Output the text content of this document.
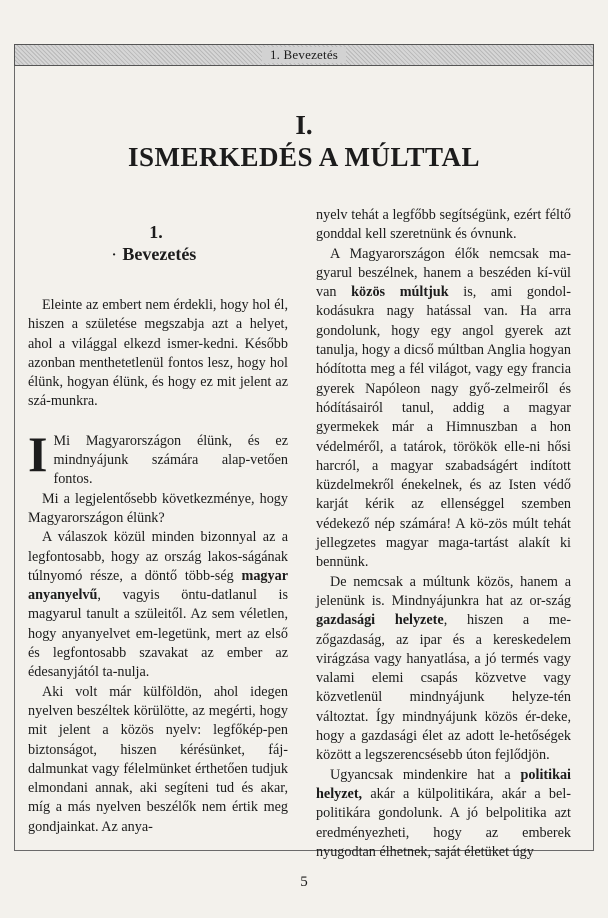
1. Bevezetés
I.
ISMERKEDÉS A MÚLTTAL
1.
· Bevezetés

Eleinte az embert nem érdekli, hogy hol él, hiszen a születése megszabja azt a helyet, ahol a világgal elkezd ismer-kedni. Később azonban menthetetlenül fontos lesz, hogy hol élünk, hogyan élünk, és hogy ez mit jelent az szá-munkra.

I Mi Magyarországon élünk, és ez mindnyájunk számára alap-vetően fontos.

Mi a legjelentősebb következménye, hogy Magyarországon élünk?

A válaszok közül minden bizonnyal az a legfontosabb, hogy az ország lakos-ságának túlnyomó része, a döntő több-ség magyar anyanyelvű, vagyis öntu-datlanul is magyarul tanult a szüleitől. Az sem véletlen, hogy anyanyelvet em-legetünk, mert az első és legfontosabb szavakat az ember az édesanyjától ta-nulja.

Aki volt már külföldön, ahol idegen nyelven beszéltek körülötte, az megérti, hogy mit jelent a közös nyelv: legfőkép-pen biztonságot, hiszen kérésünket, fáj-dalmunkat vagy félelmünket érthetően tudjuk elmondani annak, aki segíteni tud és akar, míg a más nyelven beszélők nem értik meg gondjainkat. Az anya-

nyelv tehát a legfőbb segítségünk, ezért féltő gonddal kell szeretnünk és óvnunk.

A Magyarországon élők nemcsak ma-gyarul beszélnek, hanem a beszéden kí-vül van közös múltjuk is, ami gondol-kodásukra nagy hatással van. Ha arra gondolunk, hogy egy angol gyerek azt tanulja, hogy a dicső múltban Anglia hogyan hódította meg a fél világot, vagy egy francia gyerek Napóleon nagy győ-zelmeiről és hódításairól tanul, addig a magyar gyermekek már a Himnuszban a hon védelméről, a tatárok, törökök elle-ni hősi harcról, a magyar szabadságért indított küzdelmekről énekelnek, és az Isten védő karját kérik az ellenséggel szemben védekező nép számára! A kö-zös múlt tehát jellegzetes magyar maga-tartást alakít ki bennünk.

De nemcsak a múltunk közös, hanem a jelenünk is. Mindnyájunkra hat az or-szág gazdasági helyzete, hiszen a me-zőgazdaság, az ipar és a kereskedelem virágzása vagy hanyatlása, a jó termés vagy valami elemi csapás közvetve vagy közvetlenül mindnyájunk helyze-tén változtat. Így mindnyájunk közös ér-deke, hogy a gazdasági élet az adott le-hetőségek között a legszerencsésebb úton fejlődjön.

Ugyancsak mindenkire hat a politikai helyzet, akár a külpolitikára, akár a bel-politikára gondolunk. A jó belpolitika azt eredményezheti, hogy az emberek nyugodtan élhetnek, saját életüket úgy

5
